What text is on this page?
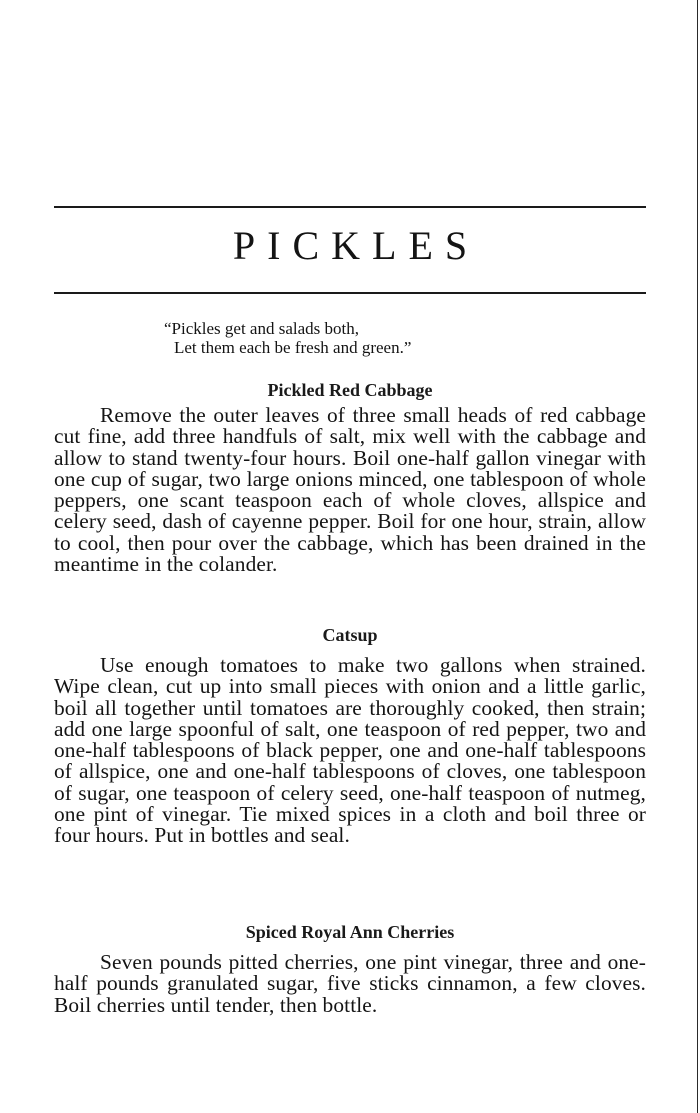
PICKLES

“Pickles get and salads both,
Let them each be fresh and green.”

Pickled Red Cabbage

Remove the outer leaves of three small heads of red cabbage cut fine, add three handfuls of salt, mix well with the cabbage and allow to stand twenty-four hours. Boil one-half gallon vinegar with one cup of sugar, two large onions minced, one tablespoon of whole peppers, one scant teaspoon each of whole cloves, allspice and celery seed, dash of cayenne pepper. Boil for one hour, strain, allow to cool, then pour over the cabbage, which has been drained in the meantime in the colander.

Catsup

Use enough tomatoes to make two gallons when strained. Wipe clean, cut up into small pieces with onion and a little garlic, boil all together until tomatoes are thoroughly cooked, then strain; add one large spoonful of salt, one teaspoon of red pepper, two and one-half tablespoons of black pepper, one and one-half tablespoons of allspice, one and one-half tablespoons of cloves, one tablespoon of sugar, one teaspoon of celery seed, one-half teaspoon of nutmeg, one pint of vinegar. Tie mixed spices in a cloth and boil three or four hours. Put in bottles and seal.

Spiced Royal Ann Cherries

Seven pounds pitted cherries, one pint vinegar, three and one-half pounds granulated sugar, five sticks cinnamon, a few cloves. Boil cherries until tender, then bottle.
